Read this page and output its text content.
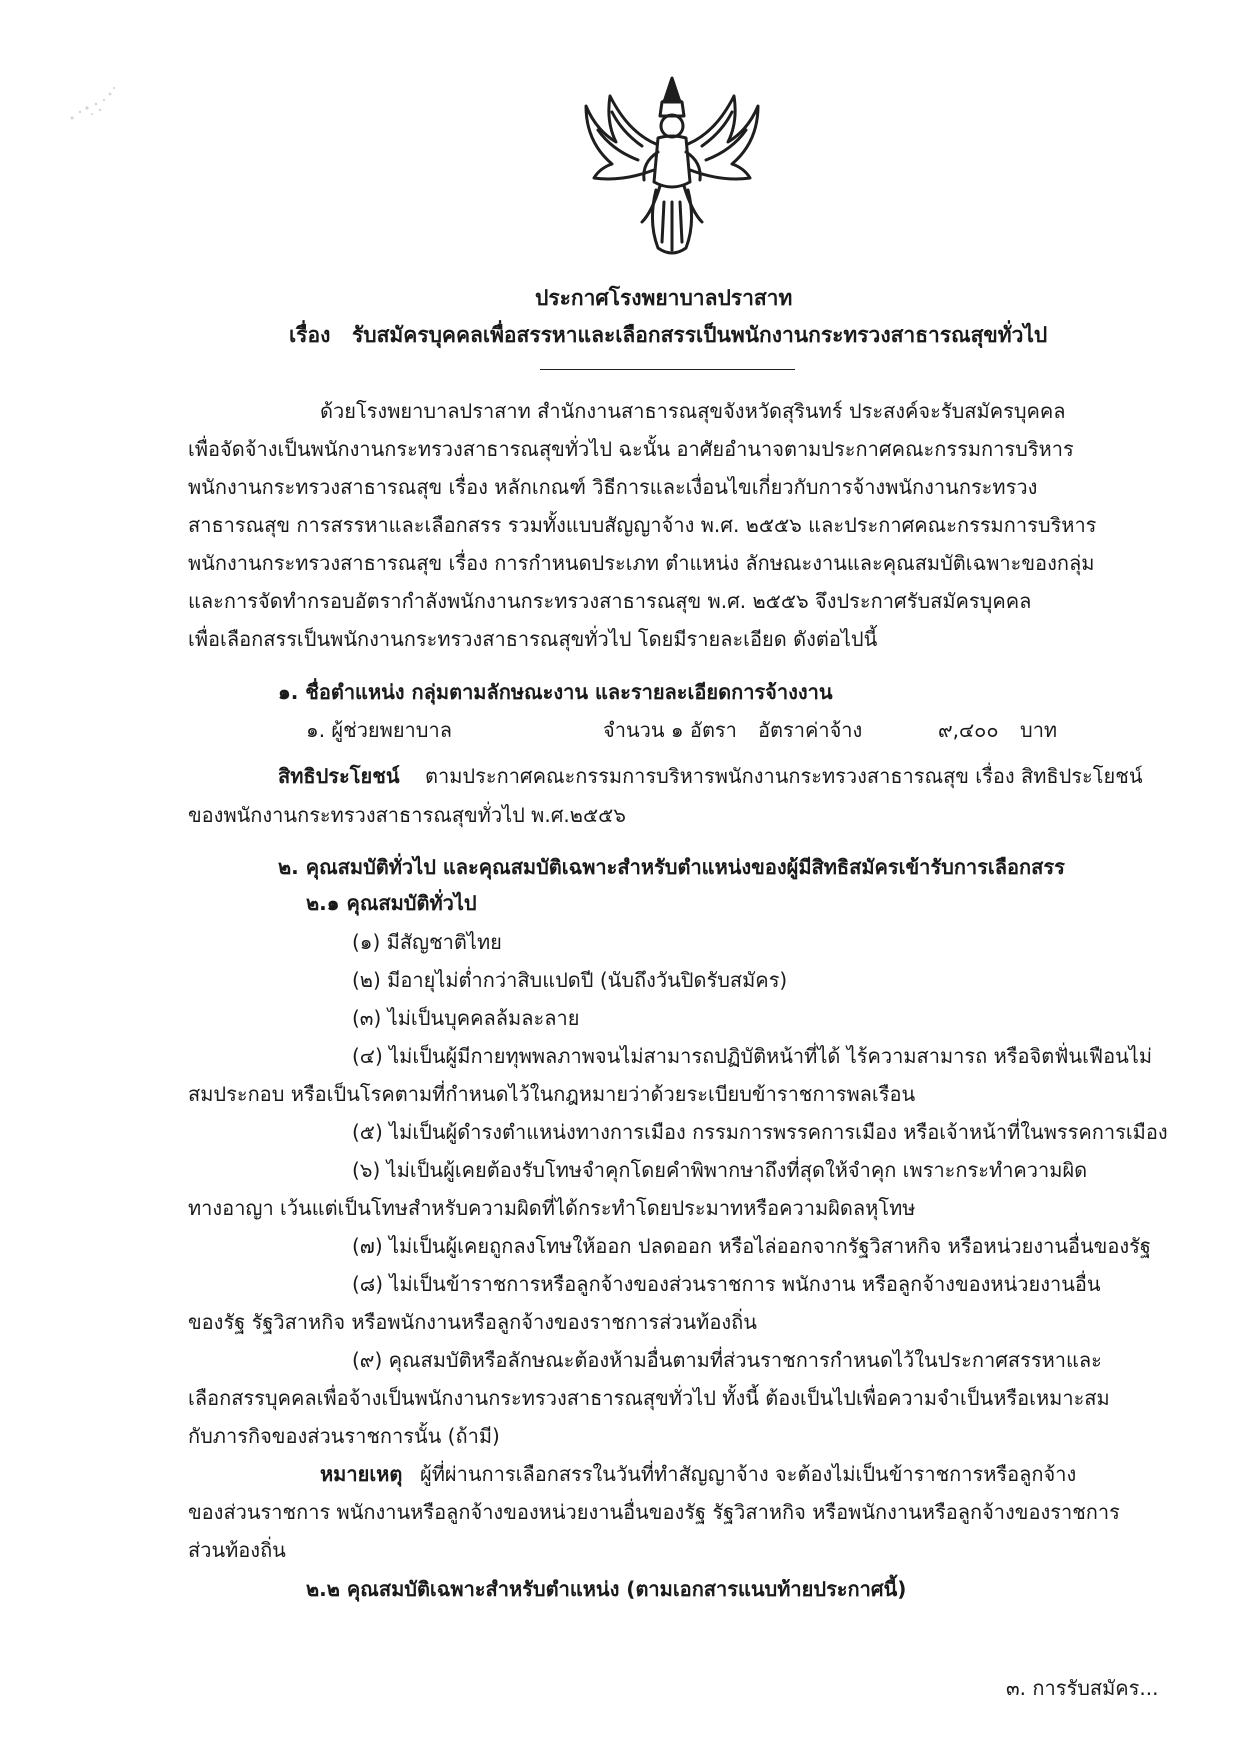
ประกาศโรงพยาบาลปราสาท
เรื่อง รับสมัครบุคคลเพื่อสรรหาและเลือกสรรเป็นพนักงานกระทรวงสาธารณสุขทั่วไป
ด้วยโรงพยาบาลปราสาท สำนักงานสาธารณสุขจังหวัดสุรินทร์ ประสงค์จะรับสมัครบุคคล
เพื่อจัดจ้างเป็นพนักงานกระทรวงสาธารณสุขทั่วไป ฉะนั้น อาศัยอำนาจตามประกาศคณะกรรมการบริหาร
พนักงานกระทรวงสาธารณสุข เรื่อง หลักเกณฑ์ วิธีการและเงื่อนไขเกี่ยวกับการจ้างพนักงานกระทรวง
สาธารณสุข การสรรหาและเลือกสรร รวมทั้งแบบสัญญาจ้าง พ.ศ. ๒๕๕๖ และประกาศคณะกรรมการบริหาร
พนักงานกระทรวงสาธารณสุข เรื่อง การกำหนดประเภท ตำแหน่ง ลักษณะงานและคุณสมบัติเฉพาะของกลุ่ม
และการจัดทำกรอบอัตรากำลังพนักงานกระทรวงสาธารณสุข พ.ศ. ๒๕๕๖ จึงประกาศรับสมัครบุคคล
เพื่อเลือกสรรเป็นพนักงานกระทรวงสาธารณสุขทั่วไป โดยมีรายละเอียด ดังต่อไปนี้
๑. ชื่อตำแหน่ง กลุ่มตามลักษณะงาน และรายละเอียดการจ้างงาน
๑. ผู้ช่วยพยาบาล	จำนวน ๑ อัตรา อัตราค่าจ้าง	๙,๔๐๐ บาท
สิทธิประโยชน์ ตามประกาศคณะกรรมการบริหารพนักงานกระทรวงสาธารณสุข เรื่อง สิทธิประโยชน์
ของพนักงานกระทรวงสาธารณสุขทั่วไป พ.ศ.๒๕๕๖
๒. คุณสมบัติทั่วไป และคุณสมบัติเฉพาะสำหรับตำแหน่งของผู้มีสิทธิสมัครเข้ารับการเลือกสรร
๒.๑ คุณสมบัติทั่วไป
(๑) มีสัญชาติไทย
(๒) มีอายุไม่ต่ำกว่าสิบแปดปี (นับถึงวันปิดรับสมัคร)
(๓) ไม่เป็นบุคคลล้มละลาย
(๔) ไม่เป็นผู้มีกายทุพพลภาพจนไม่สามารถปฏิบัติหน้าที่ได้ ไร้ความสามารถ หรือจิตฟั่นเฟือนไม่
สมประกอบ หรือเป็นโรคตามที่กำหนดไว้ในกฎหมายว่าด้วยระเบียบข้าราชการพลเรือน
(๕) ไม่เป็นผู้ดำรงตำแหน่งทางการเมือง กรรมการพรรคการเมือง หรือเจ้าหน้าที่ในพรรคการเมือง
(๖) ไม่เป็นผู้เคยต้องรับโทษจำคุกโดยคำพิพากษาถึงที่สุดให้จำคุก เพราะกระทำความผิด
ทางอาญา เว้นแต่เป็นโทษสำหรับความผิดที่ได้กระทำโดยประมาทหรือความผิดลหุโทษ
(๗) ไม่เป็นผู้เคยถูกลงโทษให้ออก ปลดออก หรือไล่ออกจากรัฐวิสาหกิจ หรือหน่วยงานอื่นของรัฐ
(๘) ไม่เป็นข้าราชการหรือลูกจ้างของส่วนราชการ พนักงาน หรือลูกจ้างของหน่วยงานอื่น
ของรัฐ รัฐวิสาหกิจ หรือพนักงานหรือลูกจ้างของราชการส่วนท้องถิ่น
(๙) คุณสมบัติหรือลักษณะต้องห้ามอื่นตามที่ส่วนราชการกำหนดไว้ในประกาศสรรหาและ
เลือกสรรบุคคลเพื่อจ้างเป็นพนักงานกระทรวงสาธารณสุขทั่วไป ทั้งนี้ ต้องเป็นไปเพื่อความจำเป็นหรือเหมาะสม
กับภารกิจของส่วนราชการนั้น (ถ้ามี)
หมายเหตุ ผู้ที่ผ่านการเลือกสรรในวันที่ทำสัญญาจ้าง จะต้องไม่เป็นข้าราชการหรือลูกจ้าง
ของส่วนราชการ พนักงานหรือลูกจ้างของหน่วยงานอื่นของรัฐ รัฐวิสาหกิจ หรือพนักงานหรือลูกจ้างของราชการ
ส่วนท้องถิ่น
๒.๒ คุณสมบัติเฉพาะสำหรับตำแหน่ง (ตามเอกสารแนบท้ายประกาศนี้)
๓. การรับสมัคร...
